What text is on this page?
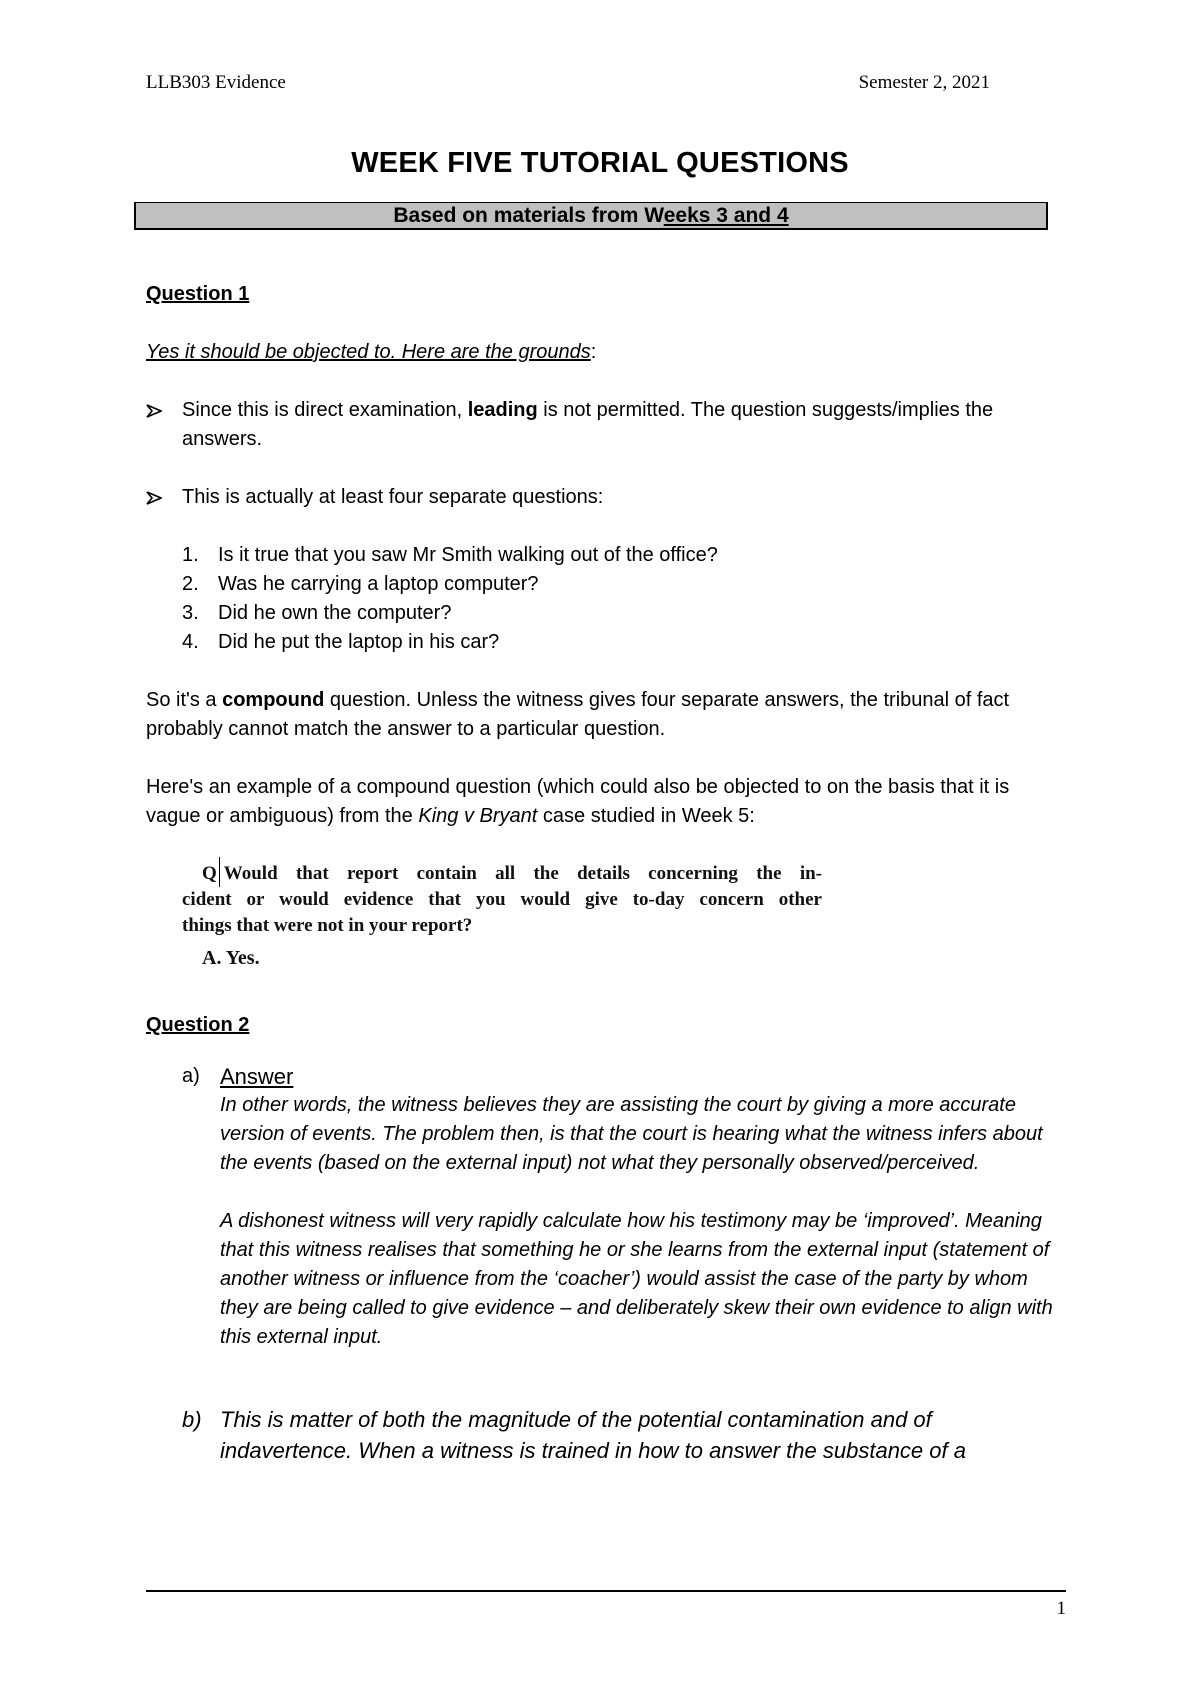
LLB303 Evidence	Semester 2, 2021
WEEK FIVE TUTORIAL QUESTIONS
Based on materials from Weeks 3 and 4

Question 1

Yes it should be objected to. Here are the grounds:

Since this is direct examination, leading is not permitted. The question suggests/implies the answers.
This is actually at least four separate questions:
1. Is it true that you saw Mr Smith walking out of the office?
2. Was he carrying a laptop computer?
3. Did he own the computer?
4. Did he put the laptop in his car?

So it's a compound question. Unless the witness gives four separate answers, the tribunal of fact probably cannot match the answer to a particular question.

Here's an example of a compound question (which could also be objected to on the basis that it is vague or ambiguous) from the King v Bryant case studied in Week 5:

Q Would that report contain all the details concerning the in-
cident or would evidence that you would give to-day concern other
things that were not in your report?
A. Yes.

Question 2

a) Answer

In other words, the witness believes they are assisting the court by giving a more accurate version of events. The problem then, is that the court is hearing what the witness infers about the events (based on the external input) not what they personally observed/perceived.

A dishonest witness will very rapidly calculate how his testimony may be ‘improved’. Meaning that this witness realises that something he or she learns from the external input (statement of another witness or influence from the ‘coacher’) would assist the case of the party by whom they are being called to give evidence – and deliberately skew their own evidence to align with this external input.

b) This is matter of both the magnitude of the potential contamination and of indavertence. When a witness is trained in how to answer the substance of a

1
